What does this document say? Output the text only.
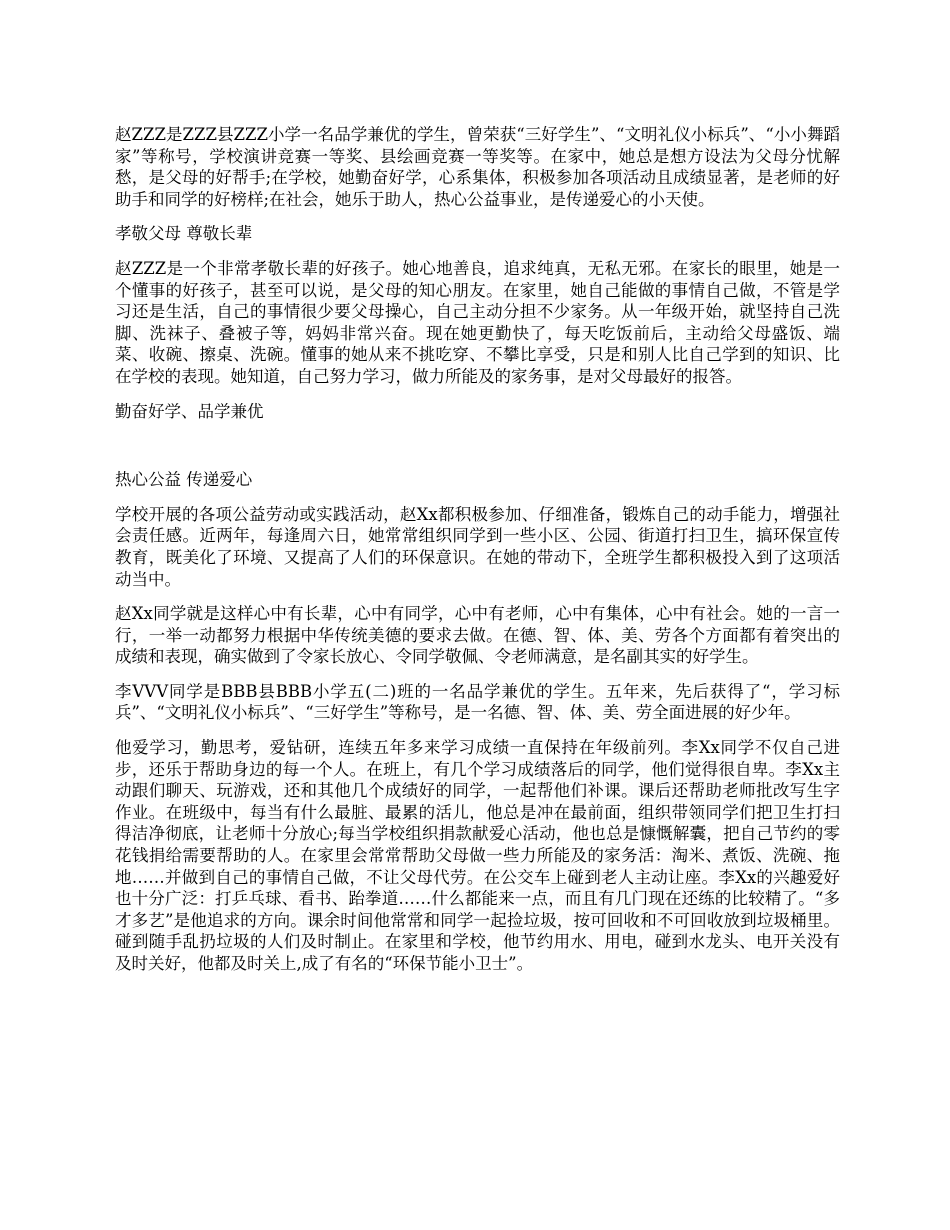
赵ZZZ是ZZZ县ZZZ小学一名品学兼优的学生，曾荣获“三好学生”、“文明礼仪小标兵”、“小小舞蹈家”等称号，学校演讲竞赛一等奖、县绘画竞赛一等奖等。在家中，她总是想方设法为父母分忧解愁，是父母的好帮手;在学校，她勤奋好学，心系集体，积极参加各项活动且成绩显著，是老师的好助手和同学的好榜样;在社会，她乐于助人，热心公益事业，是传递爱心的小天使。

孝敬父母 尊敬长辈

赵ZZZ是一个非常孝敬长辈的好孩子。她心地善良，追求纯真，无私无邪。在家长的眼里，她是一个懂事的好孩子，甚至可以说，是父母的知心朋友。在家里，她自己能做的事情自己做，不管是学习还是生活，自己的事情很少要父母操心，自己主动分担不少家务。从一年级开始，就坚持自己洗脚、洗袜子、叠被子等，妈妈非常兴奋。现在她更勤快了，每天吃饭前后，主动给父母盛饭、端菜、收碗、擦桌、洗碗。懂事的她从来不挑吃穿、不攀比享受，只是和别人比自己学到的知识、比在学校的表现。她知道，自己努力学习，做力所能及的家务事，是对父母最好的报答。

勤奋好学、品学兼优

热心公益 传递爱心

学校开展的各项公益劳动或实践活动，赵Xx都积极参加、仔细准备，锻炼自己的动手能力，增强社会责任感。近两年，每逢周六日，她常常组织同学到一些小区、公园、街道打扫卫生，搞环保宣传教育，既美化了环境、又提高了人们的环保意识。在她的带动下，全班学生都积极投入到了这项活动当中。

赵Xx同学就是这样心中有长辈，心中有同学，心中有老师，心中有集体，心中有社会。她的一言一行，一举一动都努力根据中华传统美德的要求去做。在德、智、体、美、劳各个方面都有着突出的成绩和表现，确实做到了令家长放心、令同学敬佩、令老师满意，是名副其实的好学生。

李VVV同学是BBB县BBB小学五(二)班的一名品学兼优的学生。五年来，先后获得了“，学习标兵”、“文明礼仪小标兵”、“三好学生”等称号，是一名德、智、体、美、劳全面进展的好少年。

他爱学习，勤思考，爱钻研，连续五年多来学习成绩一直保持在年级前列。李Xx同学不仅自己进步，还乐于帮助身边的每一个人。在班上，有几个学习成绩落后的同学，他们觉得很自卑。李Xx主动跟们聊天、玩游戏，还和其他几个成绩好的同学，一起帮他们补课。课后还帮助老师批改写生字作业。在班级中，每当有什么最脏、最累的活儿，他总是冲在最前面，组织带领同学们把卫生打扫得洁净彻底，让老师十分放心;每当学校组织捐款献爱心活动，他也总是慷慨解囊，把自己节约的零花钱捐给需要帮助的人。在家里会常常帮助父母做一些力所能及的家务活：淘米、煮饭、洗碗、拖地……并做到自己的事情自己做，不让父母代劳。在公交车上碰到老人主动让座。李Xx的兴趣爱好也十分广泛：打乒乓球、看书、跆拳道……什么都能来一点，而且有几门现在还练的比较精了。“多才多艺”是他追求的方向。课余时间他常常和同学一起捡垃圾，按可回收和不可回收放到垃圾桶里。碰到随手乱扔垃圾的人们及时制止。在家里和学校，他节约用水、用电，碰到水龙头、电开关没有及时关好，他都及时关上,成了有名的“环保节能小卫士”。
